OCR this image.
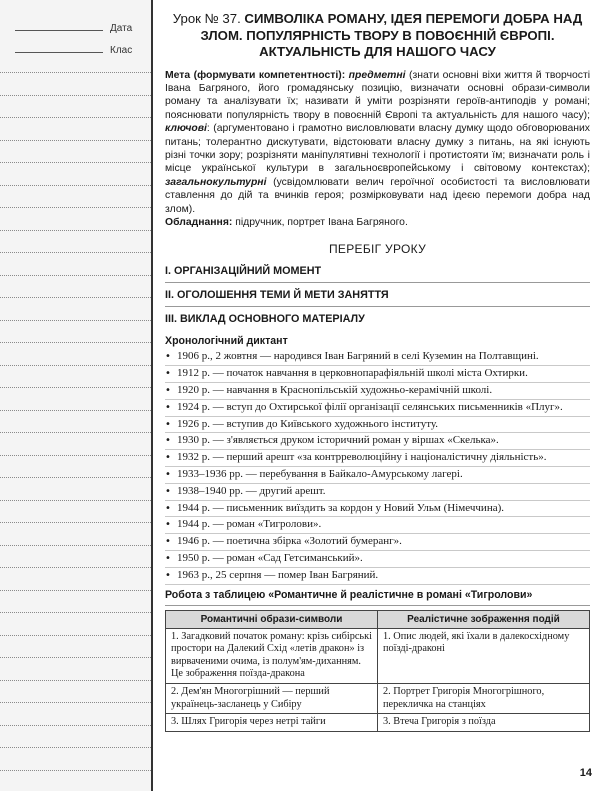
Дата
Клас
Урок № 37. СИМВОЛІКА РОМАНУ, ІДЕЯ ПЕРЕМОГИ ДОБРА НАД ЗЛОМ. ПОПУЛЯРНІСТЬ ТВОРУ В ПОВОЄННІЙ ЄВРОПІ. АКТУАЛЬНІСТЬ ДЛЯ НАШОГО ЧАСУ

Мета (формувати компетентності): предметні (знати основні віхи життя й творчості Івана Багряного, його громадянську позицію, визначати основні образи-символи роману та аналізувати їх; називати й уміти розрізняти героїв-антиподів у романі; пояснювати популярність твору в повоєнній Європі та актуальність для нашого часу); ключові: (аргументовано і грамотно висловлювати власну думку щодо обговорюваних питань; толерантно дискутувати, відстоювати власну думку з питань, на які існують різні точки зору; розрізняти маніпулятивні технології і протистояти їм; визначати роль і місце української культури в загальноєвропейському і світовому контекстах); загальнокультурні (усвідомлювати велич героїчної особистості та висловлювати ставлення до дій та вчинків героя; розмірковувати над ідеєю перемоги добра над злом).

Обладнання: підручник, портрет Івана Багряного.

ПЕРЕБІГ УРОКУ
I. ОРГАНІЗАЦІЙНИЙ МОМЕНТ
II. ОГОЛОШЕННЯ ТЕМИ Й МЕТИ ЗАНЯТТЯ
III. ВИКЛАД ОСНОВНОГО МАТЕРІАЛУ
Хронологічний диктант
• 1906 р., 2 жовтня — народився Іван Багряний в селі Куземин на Полтавщині.
• 1912 р. — початок навчання в церковнопарафіяльній школі міста Охтирки.
• 1920 р. — навчання в Краснопільській художньо-керамічній школі.
• 1924 р. — вступ до Охтирської філії організації селянських письменників «Плуг».
• 1926 р. — вступив до Київського художнього інституту.
• 1930 р. — з'являється друком історичний роман у віршах «Скелька».
• 1932 р. — перший арешт «за контрреволюційну і націоналістичну діяльність».
• 1933–1936 рр. — перебування в Байкало-Амурському лагері.
• 1938–1940 рр. — другий арешт.
• 1944 р. — письменник виїздить за кордон у Новий Ульм (Німеччина).
• 1944 р. — роман «Тигролови».
• 1946 р. — поетична збірка «Золотий бумеранг».
• 1950 р. — роман «Сад Гетсиманський».
• 1963 р., 25 серпня — помер Іван Багряний.
Робота з таблицею «Романтичне й реалістичне в романі «Тигролови»
Романтичні образи-символи	Реалістичне зображення подій
1. Загадковий початок роману: крізь сибірські простори на Далекий Схід «летів дракон» із вирваченими очима, із полум'ям-диханням. Це зображення поїзда-дракона	1. Опис людей, які їхали в далекосхідному поїзді-драконі
2. Дем'ян Многогрішний — перший українець-засланець у Сибіру	2. Портрет Григорія Многогрішного, перекличка на станціях
3. Шлях Григорія через нетрі тайги	3. Втеча Григорія з поїзда
14
